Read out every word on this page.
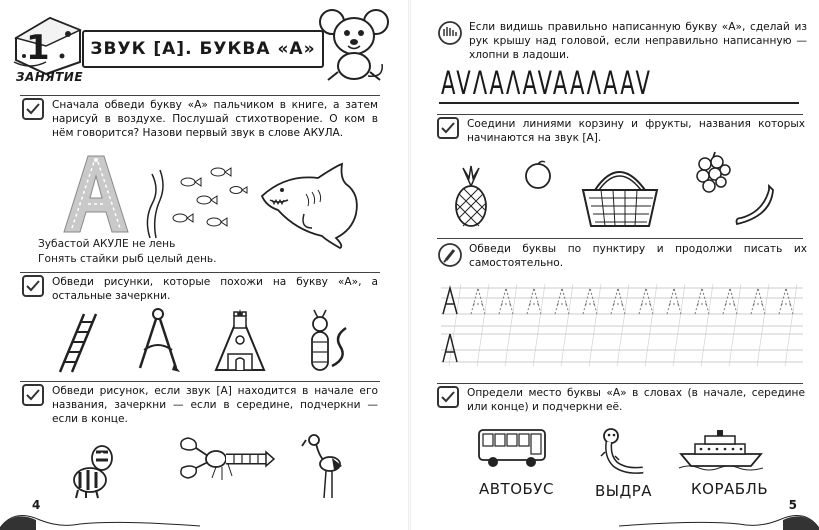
1
ЗАНЯТИЕ
ЗВУК [А]. БУКВА «А»
Сначала обведи букву «А» пальчиком в книге, а затем нарисуй в воздухе. Послушай стихотворение. О ком в нём говорится? Назови первый звук в слове АКУЛА.
Зубастой АКУЛЕ не лень
Гонять стайки рыб целый день.
Обведи рисунки, которые похожи на букву «А», а остальные зачеркни.
Обведи рисунок, если звук [А] находится в начале его названия, зачеркни — если в середине, подчеркни — если в конце.
4
Если видишь правильно написанную букву «А», сделай из рук крышу над головой, если неправильно написанную — хлопни в ладоши.
AVΛAΛAVAAΛAAV
Соедини линиями корзину и фрукты, названия которых начинаются на звук [А].
Обведи буквы по пунктиру и продолжи писать их самостоятельно.
Определи место буквы «А» в словах (в начале, середине или конце) и подчеркни её.
АВТОБУС	ВЫДРА	КОРАБЛЬ
5
